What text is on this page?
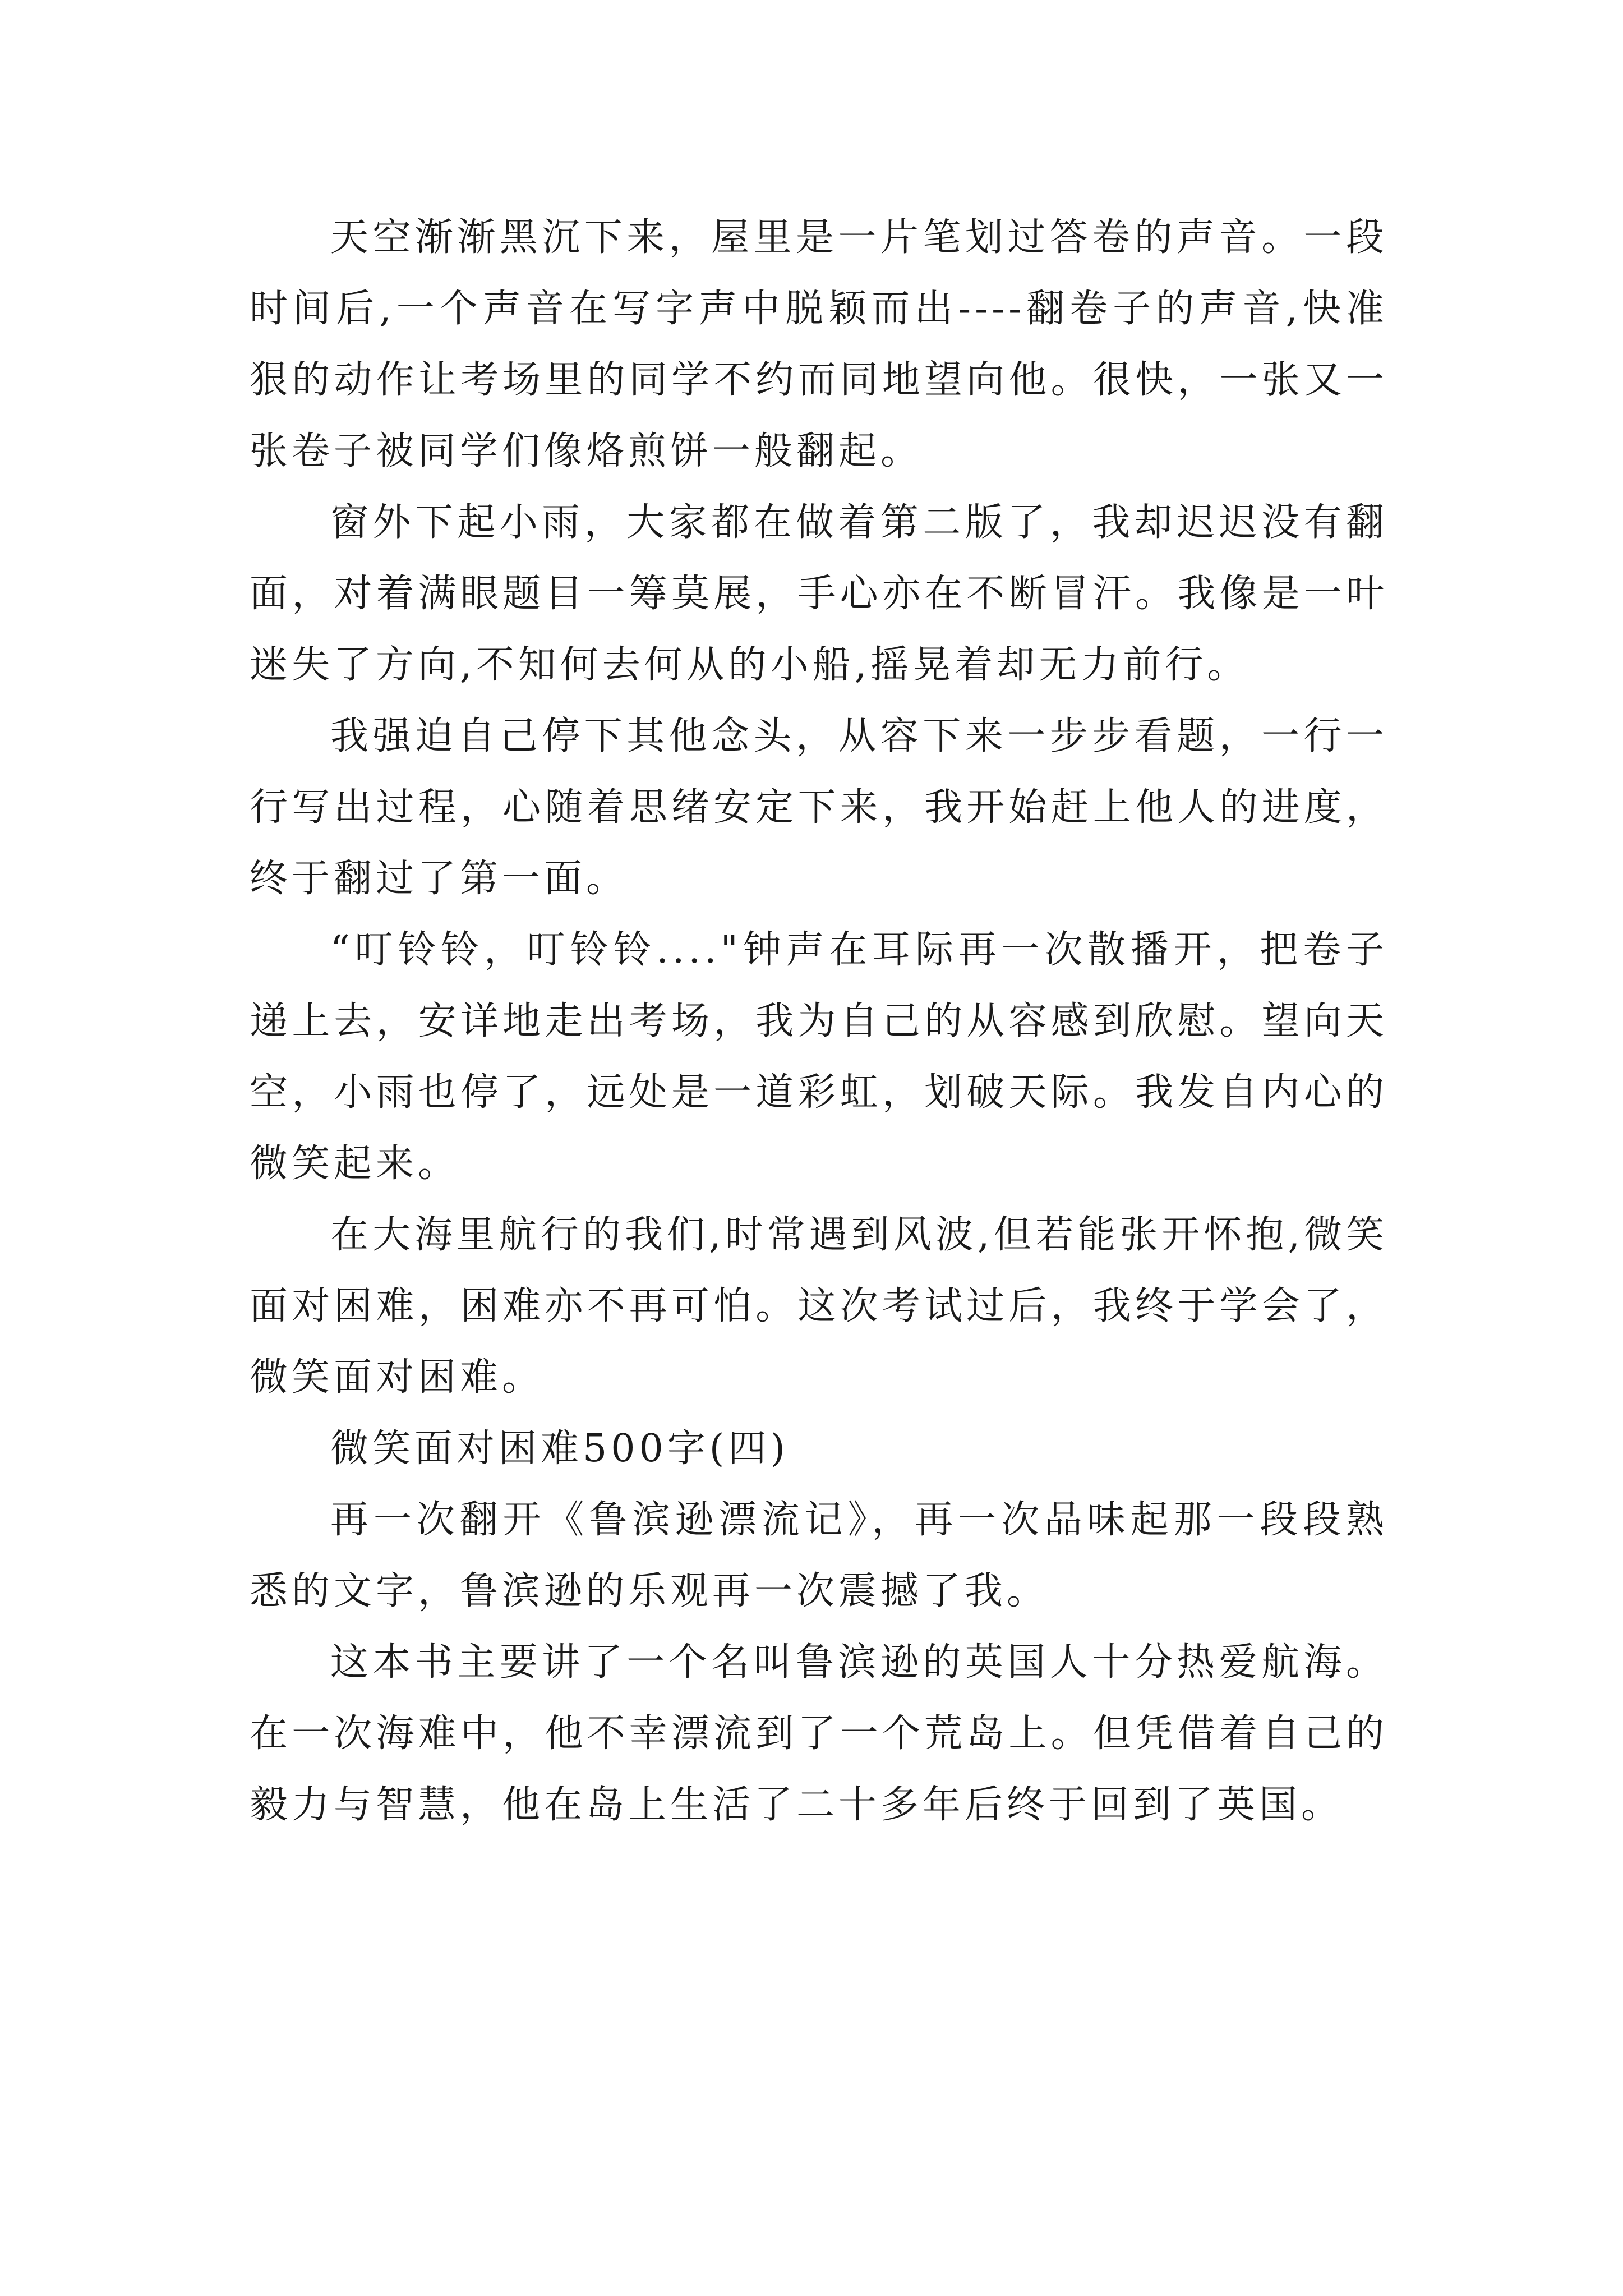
天空渐渐黑沉下来，屋里是一片笔划过答卷的声音。一段时间后,一个声音在写字声中脱颖而出----翻卷子的声音,快准狠的动作让考场里的同学不约而同地望向他。很快，一张又一张卷子被同学们像烙煎饼一般翻起。

窗外下起小雨，大家都在做着第二版了，我却迟迟没有翻面，对着满眼题目一筹莫展，手心亦在不断冒汗。我像是一叶迷失了方向,不知何去何从的小船,摇晃着却无力前行。

我强迫自己停下其他念头，从容下来一步步看题，一行一行写出过程，心随着思绪安定下来，我开始赶上他人的进度，终于翻过了第一面。

“叮铃铃，叮铃铃...."钟声在耳际再一次散播开，把卷子递上去，安详地走出考场，我为自己的从容感到欣慰。望向天空，小雨也停了，远处是一道彩虹，划破天际。我发自内心的微笑起来。

在大海里航行的我们,时常遇到风波,但若能张开怀抱,微笑面对困难，困难亦不再可怕。这次考试过后，我终于学会了，微笑面对困难。

微笑面对困难500字(四)

再一次翻开《鲁滨逊漂流记》，再一次品味起那一段段熟悉的文字，鲁滨逊的乐观再一次震撼了我。

这本书主要讲了一个名叫鲁滨逊的英国人十分热爱航海。在一次海难中，他不幸漂流到了一个荒岛上。但凭借着自己的毅力与智慧，他在岛上生活了二十多年后终于回到了英国。
